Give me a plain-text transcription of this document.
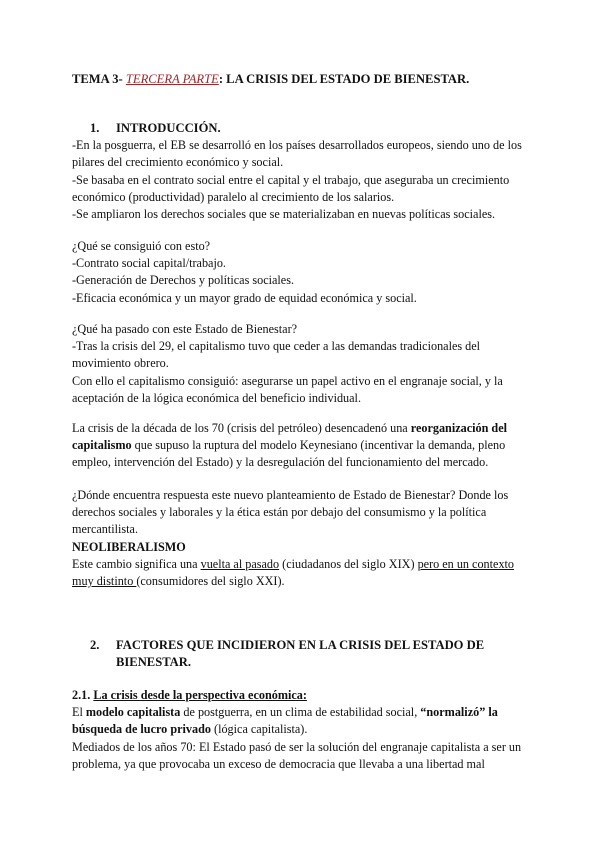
TEMA 3- TERCERA PARTE: LA CRISIS DEL ESTADO DE BIENESTAR.

1. INTRODUCCIÓN.

-En la posguerra, el EB se desarrolló en los países desarrollados europeos, siendo uno de los

pilares del crecimiento económico y social.

-Se basaba en el contrato social entre el capital y el trabajo, que aseguraba un crecimiento

económico (productividad) paralelo al crecimiento de los salarios.

-Se ampliaron los derechos sociales que se materializaban en nuevas políticas sociales.

¿Qué se consiguió con esto?

-Contrato social capital/trabajo.

-Generación de Derechos y políticas sociales.

-Eficacia económica y un mayor grado de equidad económica y social.

¿Qué ha pasado con este Estado de Bienestar?

-Tras la crisis del 29, el capitalismo tuvo que ceder a las demandas tradicionales del

movimiento obrero.

Con ello el capitalismo consiguió: asegurarse un papel activo en el engranaje social, y la

aceptación de la lógica económica del beneficio individual.

La crisis de la década de los 70 (crisis del petróleo) desencadenó una reorganización del

capitalismo que supuso la ruptura del modelo Keynesiano (incentivar la demanda, pleno

empleo, intervención del Estado) y la desregulación del funcionamiento del mercado.

¿Dónde encuentra respuesta este nuevo planteamiento de Estado de Bienestar? Donde los

derechos sociales y laborales y la ética están por debajo del consumismo y la política

mercantilista.

NEOLIBERALISMO

Este cambio significa una vuelta al pasado (ciudadanos del siglo XIX) pero en un contexto

muy distinto (consumidores del siglo XXI).

2. FACTORES QUE INCIDIERON EN LA CRISIS DEL ESTADO DE
BIENESTAR.

2.1. La crisis desde la perspectiva económica:

El modelo capitalista de postguerra, en un clima de estabilidad social, “normalizó” la

búsqueda de lucro privado (lógica capitalista).

Mediados de los años 70: El Estado pasó de ser la solución del engranaje capitalista a ser un

problema, ya que provocaba un exceso de democracia que llevaba a una libertad mal
